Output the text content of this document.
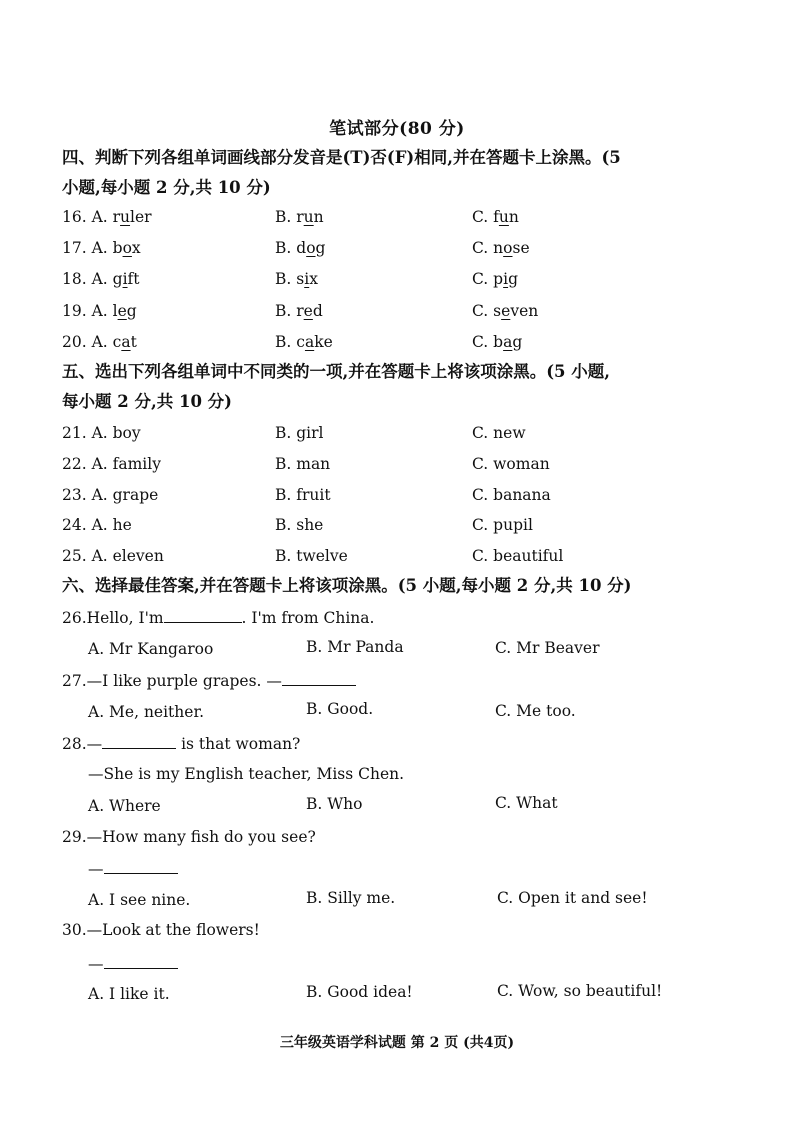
笔试部分(80 分)
四、判断下列各组单词画线部分发音是(T)否(F)相同,并在答题卡上涂黑。(5
小题,每小题 2 分,共 10 分)
16. A. ruler	B. run	C. fun
17. A. box	B. dog	C. nose
18. A. gift	B. six	C. pig
19. A. leg	B. red	C. seven
20. A. cat	B. cake	C. bag
五、选出下列各组单词中不同类的一项,并在答题卡上将该项涂黑。(5 小题,
每小题 2 分,共 10 分)
21. A. boy	B. girl	C. new
22. A. family	B. man	C. woman
23. A. grape	B. fruit	C. banana
24. A. he	B. she	C. pupil
25. A. eleven	B. twelve	C. beautiful
六、选择最佳答案,并在答题卡上将该项涂黑。(5 小题,每小题 2 分,共 10 分)
26.Hello, I'm	. I'm from China.
A. Mr Kangaroo	B. Mr Panda	C. Mr Beaver
27.—I like purple grapes. —
A. Me, neither.	B. Good.	C. Me too.
28.—	is that woman?
—She is my English teacher, Miss Chen.
A. Where	B. Who	C. What
29.—How many fish do you see?
—
A. I see nine.	B. Silly me.	C. Open it and see!
30.—Look at the flowers!
—
A. I like it.	B. Good idea!	C. Wow, so beautiful!
三年级英语学科试题 第 2 页 (共4页)
